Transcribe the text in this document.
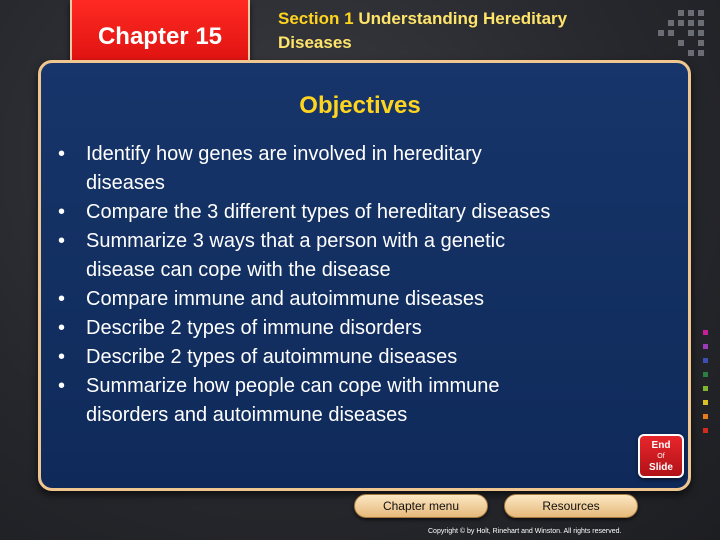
Chapter 15
Section 1 Understanding Hereditary
Diseases
Objectives
•	Identify how genes are involved in hereditary
diseases
•	Compare the 3 different types of hereditary diseases
•	Summarize 3 ways that a person with a genetic
disease can cope with the disease
•	Compare immune and autoimmune diseases
•	Describe 2 types of immune disorders
•	Describe 2 types of autoimmune diseases
•	Summarize how people can cope with immune
disorders and autoimmune diseases
End
Of
Slide
Chapter menu	Resources
Copyright © by Holt, Rinehart and Winston. All rights reserved.
